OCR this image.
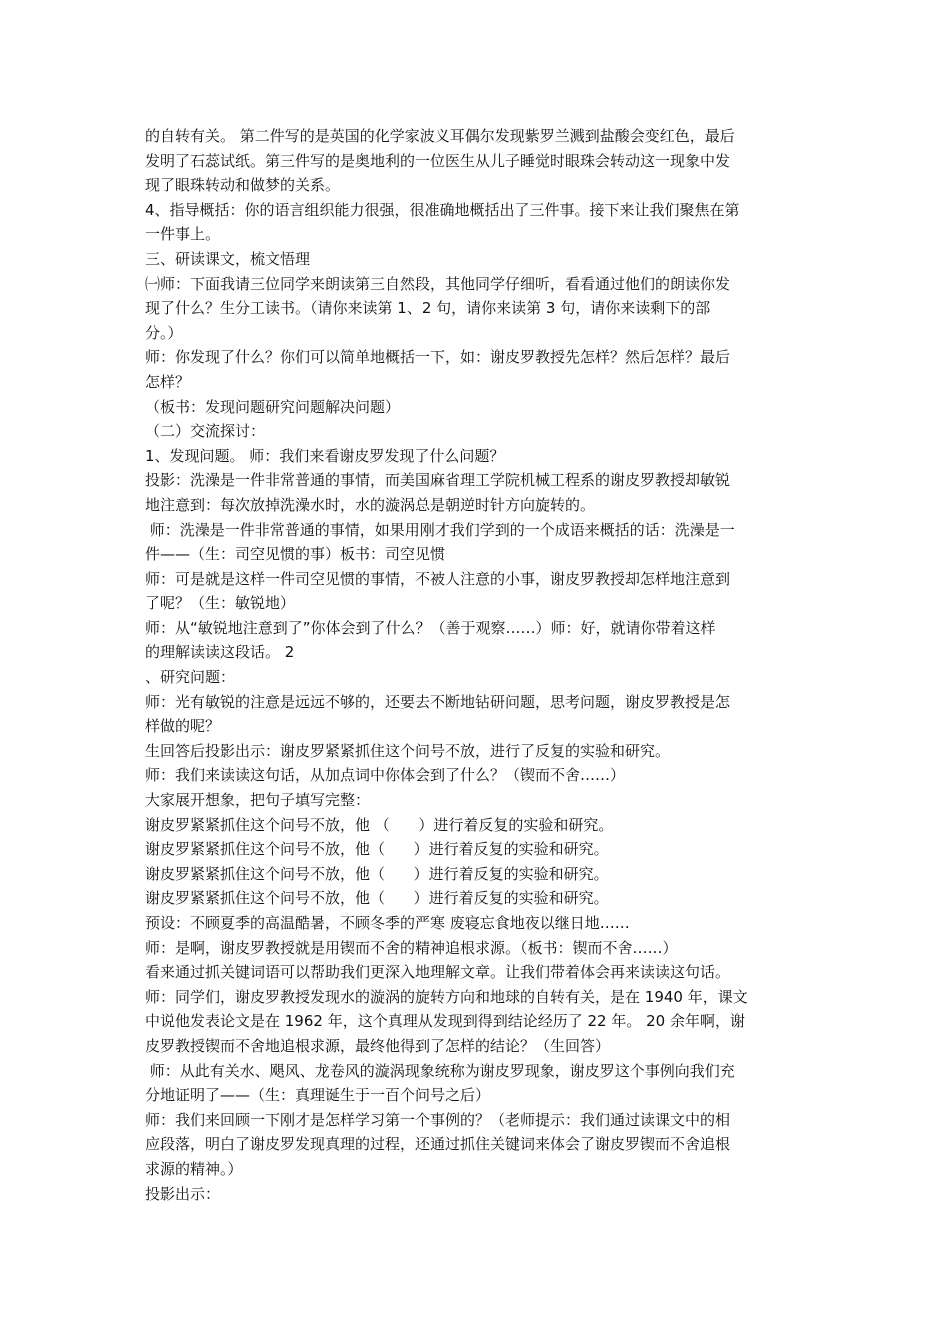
的自转有关。 第二件写的是英国的化学家波义耳偶尔发现紫罗兰溅到盐酸会变红色，最后
发明了石蕊试纸。第三件写的是奥地利的一位医生从儿子睡觉时眼珠会转动这一现象中发
现了眼珠转动和做梦的关系。
4、指导概括：你的语言组织能力很强，很准确地概括出了三件事。接下来让我们聚焦在第
一件事上。
三、研读课文，梳文悟理
㈠师：下面我请三位同学来朗读第三自然段，其他同学仔细听，看看通过他们的朗读你发
现了什么？生分工读书。（请你来读第 1、2 句，请你来读第 3 句，请你来读剩下的部
分。）
师：你发现了什么？你们可以简单地概括一下，如：谢皮罗教授先怎样？然后怎样？最后
怎样？
（板书：发现问题研究问题解决问题）
（二）交流探讨：
1、发现问题。 师：我们来看谢皮罗发现了什么问题？
投影：洗澡是一件非常普通的事情，而美国麻省理工学院机械工程系的谢皮罗教授却敏锐
地注意到：每次放掉洗澡水时，水的漩涡总是朝逆时针方向旋转的。
师：洗澡是一件非常普通的事情，如果用刚才我们学到的一个成语来概括的话：洗澡是一
件——（生：司空见惯的事）板书：司空见惯
师：可是就是这样一件司空见惯的事情，不被人注意的小事，谢皮罗教授却怎样地注意到
了呢？（生：敏锐地）
师：从“敏锐地注意到了”你体会到了什么？（善于观察……）师：好，就请你带着这样
的理解读读这段话。 2
、研究问题：
师：光有敏锐的注意是远远不够的，还要去不断地钻研问题，思考问题，谢皮罗教授是怎
样做的呢？
生回答后投影出示：谢皮罗紧紧抓住这个问号不放，进行了反复的实验和研究。
师：我们来读读这句话，从加点词中你体会到了什么？（锲而不舍……）
大家展开想象，把句子填写完整：
谢皮罗紧紧抓住这个问号不放，他 （      ）进行着反复的实验和研究。
谢皮罗紧紧抓住这个问号不放，他（      ）进行着反复的实验和研究。
谢皮罗紧紧抓住这个问号不放，他（      ）进行着反复的实验和研究。
谢皮罗紧紧抓住这个问号不放，他（      ）进行着反复的实验和研究。
预设：不顾夏季的高温酷暑，不顾冬季的严寒 废寝忘食地夜以继日地……
师：是啊，谢皮罗教授就是用锲而不舍的精神追根求源。（板书：锲而不舍……）
看来通过抓关键词语可以帮助我们更深入地理解文章。让我们带着体会再来读读这句话。
师：同学们，谢皮罗教授发现水的漩涡的旋转方向和地球的自转有关，是在 1940 年，课文
中说他发表论文是在 1962 年，这个真理从发现到得到结论经历了 22 年。 20 余年啊，谢
皮罗教授锲而不舍地追根求源，最终他得到了怎样的结论？（生回答）
师：从此有关水、飓风、龙卷风的漩涡现象统称为谢皮罗现象，谢皮罗这个事例向我们充
分地证明了——（生：真理诞生于一百个问号之后）
师：我们来回顾一下刚才是怎样学习第一个事例的？（老师提示：我们通过读课文中的相
应段落，明白了谢皮罗发现真理的过程，还通过抓住关键词来体会了谢皮罗锲而不舍追根
求源的精神。）
投影出示：
